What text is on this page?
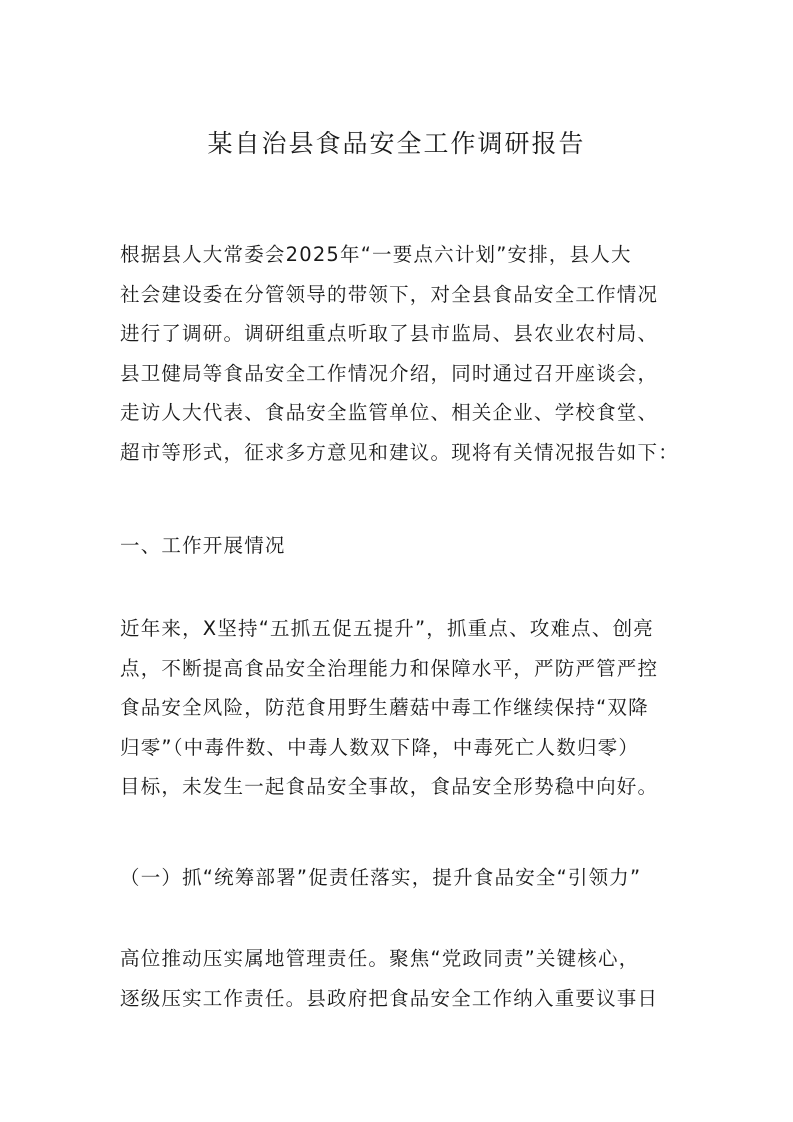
某自治县食品安全工作调研报告
根据县人大常委会2025年“一要点六计划”安排，县人大
社会建设委在分管领导的带领下，对全县食品安全工作情况
进行了调研。调研组重点听取了县市监局、县农业农村局、
县卫健局等食品安全工作情况介绍，同时通过召开座谈会，
走访人大代表、食品安全监管单位、相关企业、学校食堂、
超市等形式，征求多方意见和建议。现将有关情况报告如下：
一、工作开展情况
近年来，X坚持“五抓五促五提升”，抓重点、攻难点、创亮
点，不断提高食品安全治理能力和保障水平，严防严管严控
食品安全风险，防范食用野生蘑菇中毒工作继续保持“双降
归零”（中毒件数、中毒人数双下降，中毒死亡人数归零）
目标，未发生一起食品安全事故，食品安全形势稳中向好。
（一）抓“统筹部署”促责任落实，提升食品安全“引领力”
高位推动压实属地管理责任。聚焦“党政同责”关键核心，
逐级压实工作责任。县政府把食品安全工作纳入重要议事日
